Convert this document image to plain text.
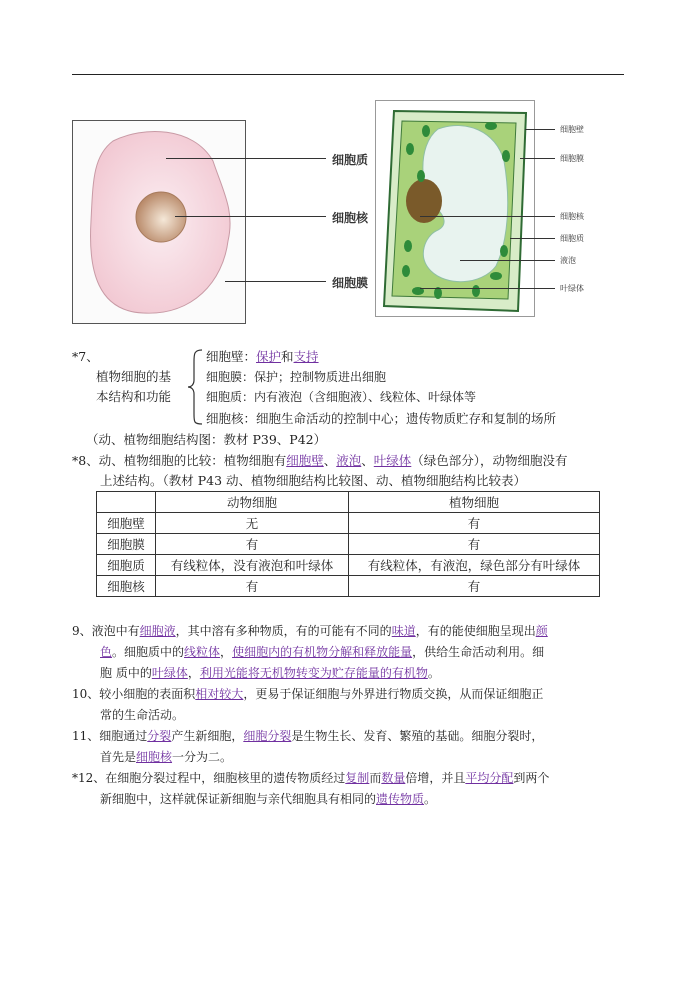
细胞质
细胞核
细胞膜
细胞壁
细胞膜
细胞核
细胞质
液泡
叶绿体
*7、
植物细胞的基
本结构和功能
细胞壁：保护和支持
细胞膜：保护；控制物质进出细胞
细胞质：内有液泡（含细胞液）、线粒体、叶绿体等
细胞核：细胞生命活动的控制中心；遗传物质贮存和复制的场所
（动、植物细胞结构图：教材 P39、P42）
*8、动、植物细胞的比较：植物细胞有细胞壁、液泡、叶绿体（绿色部分），动物细胞没有
上述结构。（教材 P43 动、植物细胞结构比较图、动、植物细胞结构比较表）
	动物细胞	植物细胞
细胞壁	无	有
细胞膜	有	有
细胞质	有线粒体，没有液泡和叶绿体	有线粒体，有液泡，绿色部分有叶绿体
细胞核	有	有
9、液泡中有细胞液，其中溶有多种物质，有的可能有不同的味道，有的能使细胞呈现出颜
色。细胞质中的线粒体，使细胞内的有机物分解和释放能量，供给生命活动利用。细
胞 质中的叶绿体，利用光能将无机物转变为贮存能量的有机物。
10、较小细胞的表面积相对较大，更易于保证细胞与外界进行物质交换，从而保证细胞正
常的生命活动。
11、细胞通过分裂产生新细胞，细胞分裂是生物生长、发育、繁殖的基础。细胞分裂时，
首先是细胞核一分为二。
*12、在细胞分裂过程中，细胞核里的遗传物质经过复制而数量倍增，并且平均分配到两个
新细胞中，这样就保证新细胞与亲代细胞具有相同的遗传物质。
